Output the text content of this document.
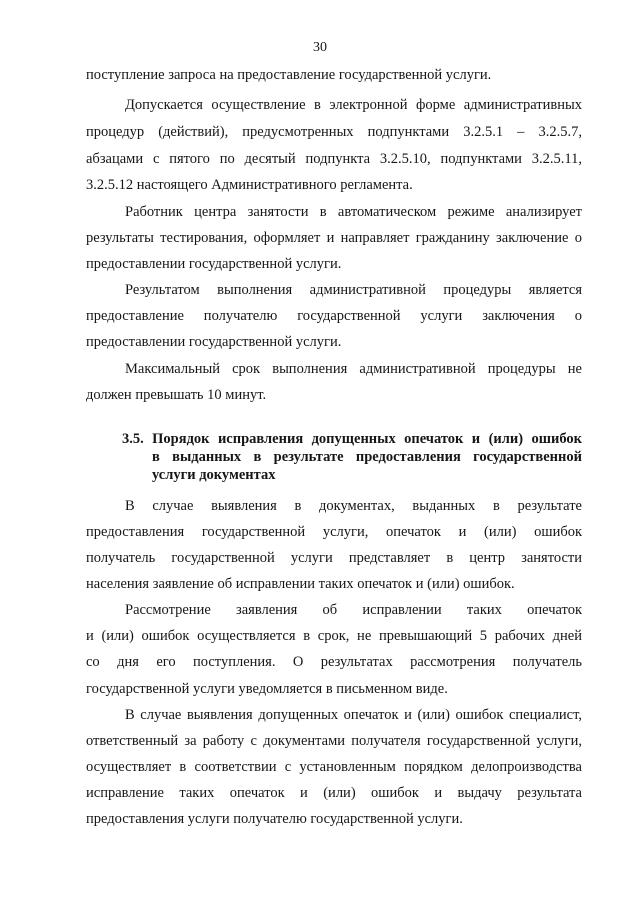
30
поступление запроса на предоставление государственной услуги.
Допускается осуществление в электронной форме административных
процедур (действий), предусмотренных подпунктами 3.2.5.1 – 3.2.5.7,
абзацами с пятого по десятый подпункта 3.2.5.10, подпунктами 3.2.5.11,
3.2.5.12 настоящего Административного регламента.
Работник центра занятости в автоматическом режиме анализирует
результаты тестирования, оформляет и направляет гражданину заключение о
предоставлении государственной услуги.
Результатом выполнения административной процедуры является
предоставление получателю государственной услуги заключения о
предоставлении государственной услуги.
Максимальный срок выполнения административной процедуры не
должен превышать 10 минут.
3.5. Порядок исправления допущенных опечаток и (или) ошибок
в выданных в результате предоставления государственной
услуги документах
В случае выявления в документах, выданных в результате
предоставления государственной услуги, опечаток и (или) ошибок
получатель государственной услуги представляет в центр занятости
населения заявление об исправлении таких опечаток и (или) ошибок.
Рассмотрение заявления об исправлении таких опечаток
и (или) ошибок осуществляется в срок, не превышающий 5 рабочих дней
со дня его поступления. О результатах рассмотрения получатель
государственной услуги уведомляется в письменном виде.
В случае выявления допущенных опечаток и (или) ошибок специалист,
ответственный за работу с документами получателя государственной услуги,
осуществляет в соответствии с установленным порядком делопроизводства
исправление таких опечаток и (или) ошибок и выдачу результата
предоставления услуги получателю государственной услуги.
